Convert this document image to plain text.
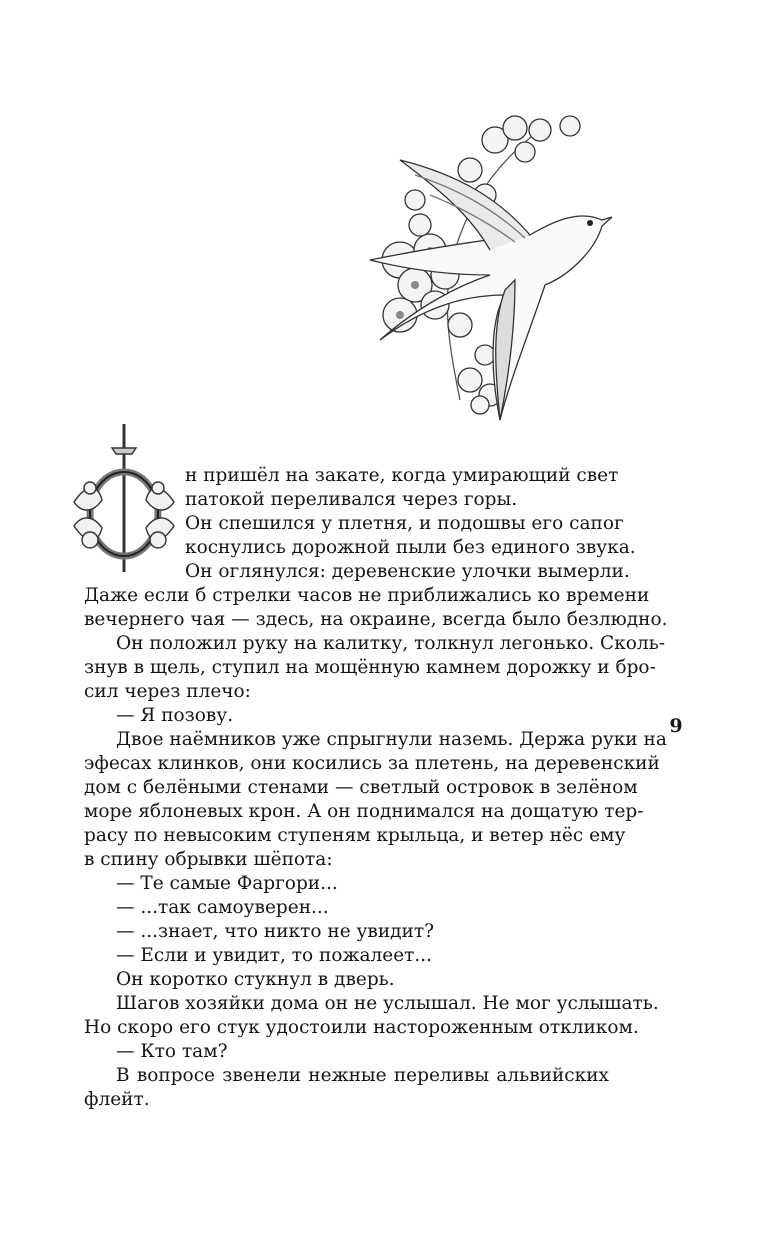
н пришёл на закате, когда умирающий свет
патокой переливался через горы.
Он спешился у плетня, и подошвы его сапог
коснулись дорожной пыли без единого звука.
Он оглянулся: деревенские улочки вымерли.
Даже если б стрелки часов не приближались ко времени
вечернего чая — здесь, на окраине, всегда было безлюдно.
Он положил руку на калитку, толкнул легонько. Сколь-
знув в щель, ступил на мощённую камнем дорожку и бро-
сил через плечо:
— Я позову.
Двое наёмников уже спрыгнули наземь. Держа руки на
эфесах клинков, они косились за плетень, на деревенский
дом с белёными стенами — светлый островок в зелёном
море яблоневых крон. А он поднимался на дощатую тер-
расу по невысоким ступеням крыльца, и ветер нёс ему
в спину обрывки шёпота:
— Те самые Фаргори...
— ...так самоуверен...
— ...знает, что никто не увидит?
— Если и увидит, то пожалеет...
Он коротко стукнул в дверь.
Шагов хозяйки дома он не услышал. Не мог услышать.
Но скоро его стук удостоили настороженным откликом.
— Кто там?
В вопросе звенели нежные переливы альвийских
флейт.
9
